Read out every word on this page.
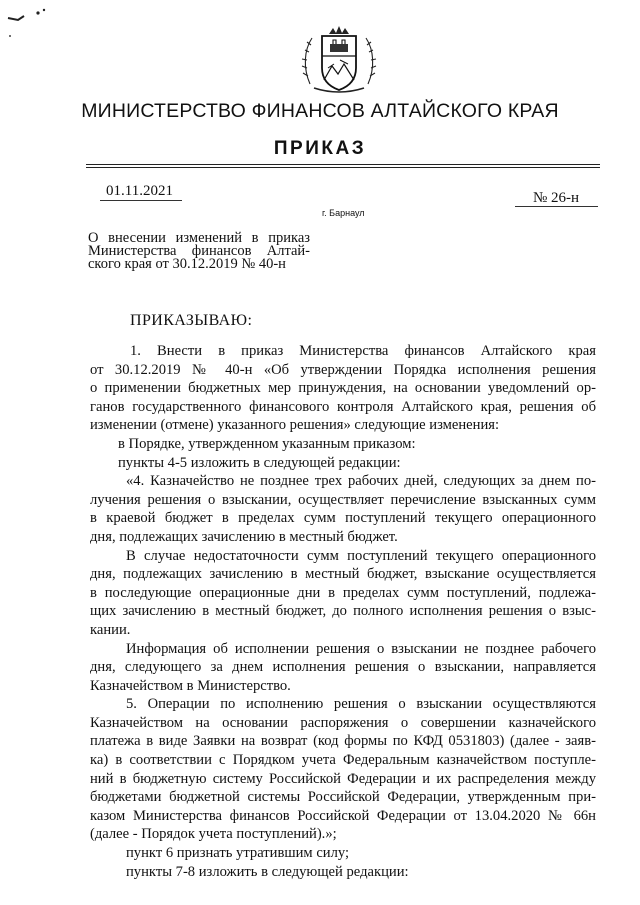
МИНИСТЕРСТВО ФИНАНСОВ АЛТАЙСКОГО КРАЯ
ПРИКАЗ
01.11.2021	№ 26-н
г. Барнаул
О внесении изменений в приказ
Министерства финансов Алтай-
ского края от 30.12.2019 № 40-н
ПРИКАЗЫВАЮ:
1. Внести в приказ Министерства финансов Алтайского края
от 30.12.2019 № 40-н «Об утверждении Порядка исполнения решения
о применении бюджетных мер принуждения, на основании уведомлений ор-
ганов государственного финансового контроля Алтайского края, решения об
изменении (отмене) указанного решения» следующие изменения:
в Порядке, утвержденном указанным приказом:
пункты 4-5 изложить в следующей редакции:
«4. Казначейство не позднее трех рабочих дней, следующих за днем по-
лучения решения о взыскании, осуществляет перечисление взысканных сумм
в краевой бюджет в пределах сумм поступлений текущего операционного
дня, подлежащих зачислению в местный бюджет.
В случае недостаточности сумм поступлений текущего операционного
дня, подлежащих зачислению в местный бюджет, взыскание осуществляется
в последующие операционные дни в пределах сумм поступлений, подлежа-
щих зачислению в местный бюджет, до полного исполнения решения о взыс-
кании.
Информация об исполнении решения о взыскании не позднее рабочего
дня, следующего за днем исполнения решения о взыскании, направляется
Казначейством в Министерство.
5. Операции по исполнению решения о взыскании осуществляются
Казначейством на основании распоряжения о совершении казначейского
платежа в виде Заявки на возврат (код формы по КФД 0531803) (далее - заяв-
ка) в соответствии с Порядком учета Федеральным казначейством поступле-
ний в бюджетную систему Российской Федерации и их распределения между
бюджетами бюджетной системы Российской Федерации, утвержденным при-
казом Министерства финансов Российской Федерации от 13.04.2020 № 66н
(далее - Порядок учета поступлений).»;
пункт 6 признать утратившим силу;
пункты 7-8 изложить в следующей редакции:
